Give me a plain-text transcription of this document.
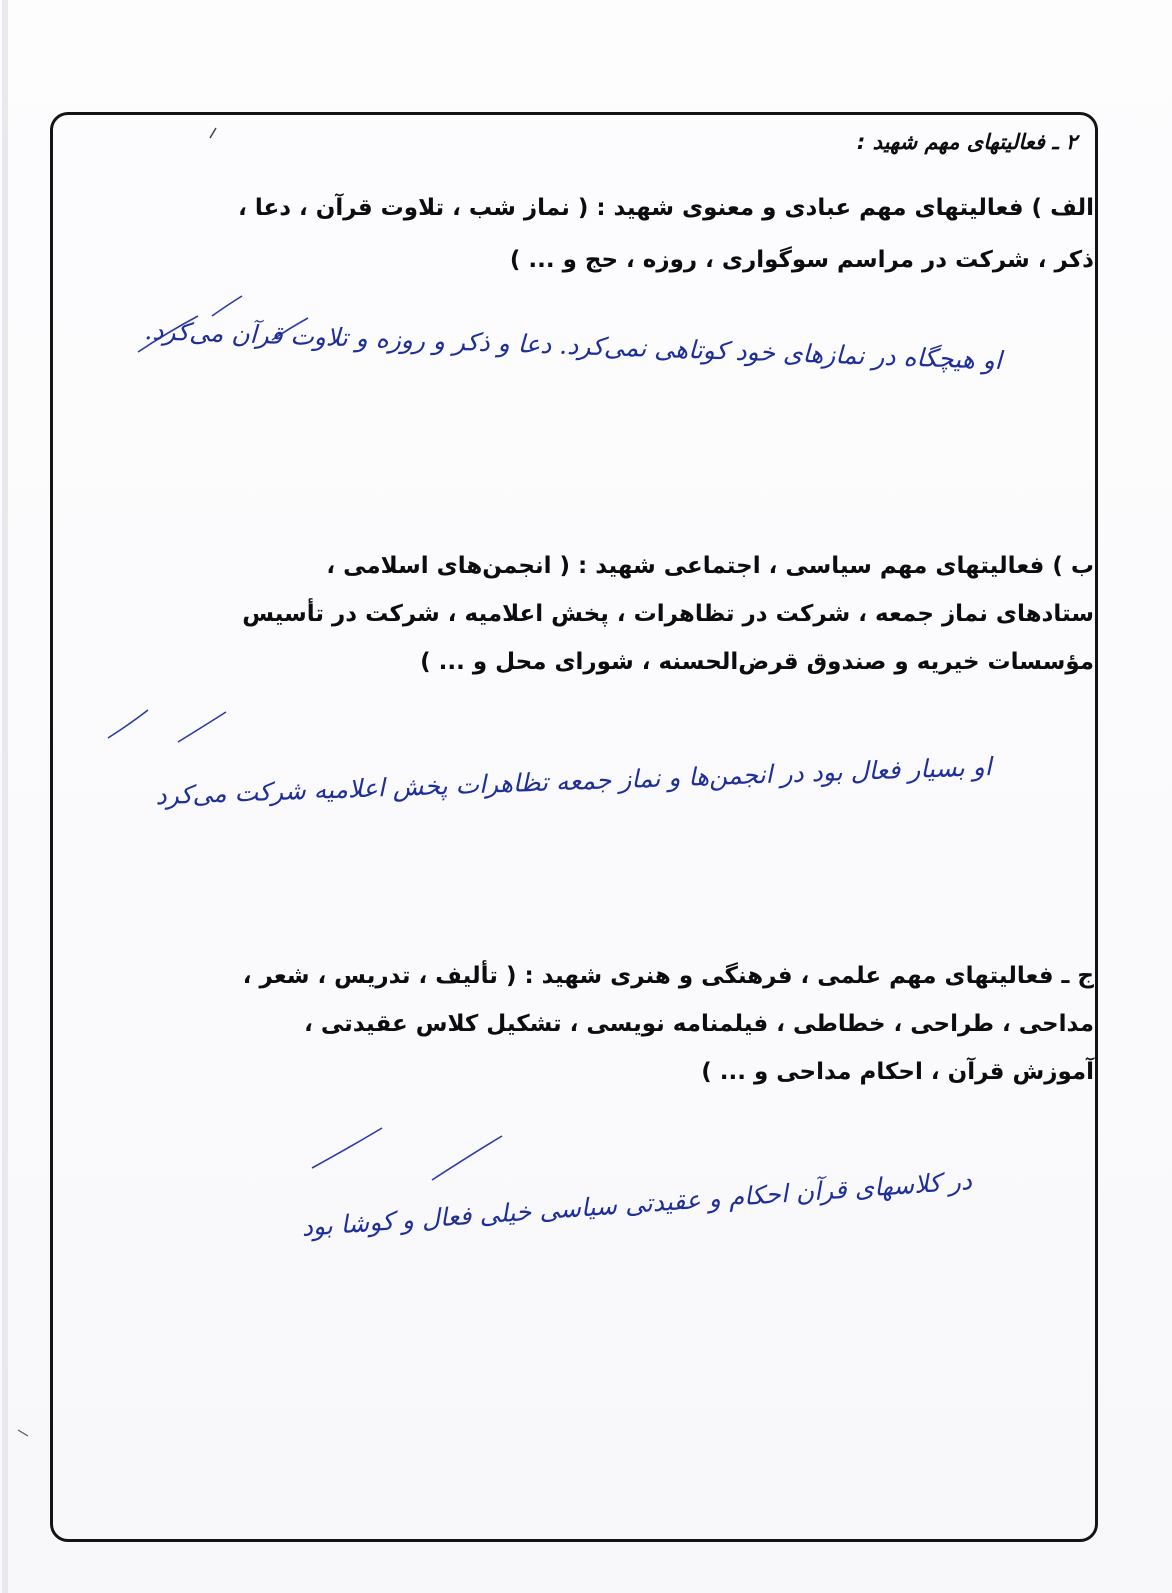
۲ ـ فعالیتهای مهم شهید :
الف ) فعالیتهای مهم عبادی و معنوی شهید : ( نماز شب ، تلاوت قرآن ، دعا ،
ذکر ، شرکت در مراسم سوگواری ، روزه ، حج و ... )
او هیچگاه در نمازهای خود کوتاهی نمی‌کرد. دعا و ذکر و روزه و تلاوت قرآن می‌کرد.
ب ) فعالیتهای مهم سیاسی ، اجتماعی شهید : ( انجمن‌های اسلامی ،
ستادهای نماز جمعه ، شرکت در تظاهرات ، پخش اعلامیه ، شرکت در تأسیس
مؤسسات خیریه و صندوق قرض‌الحسنه ، شورای محل و ... )
او بسیار فعال بود در انجمن‌ها و نماز جمعه تظاهرات پخش اعلامیه شرکت می‌کرد
ج ـ فعالیتهای مهم علمی ، فرهنگی و هنری شهید : ( تألیف ، تدریس ، شعر ،
مداحی ، طراحی ، خطاطی ، فیلمنامه نویسی ، تشکیل کلاس عقیدتی ،
آموزش قرآن ، احکام مداحی و ... )
در کلاسهای قرآن احکام و عقیدتی سیاسی خیلی فعال و کوشا بود
